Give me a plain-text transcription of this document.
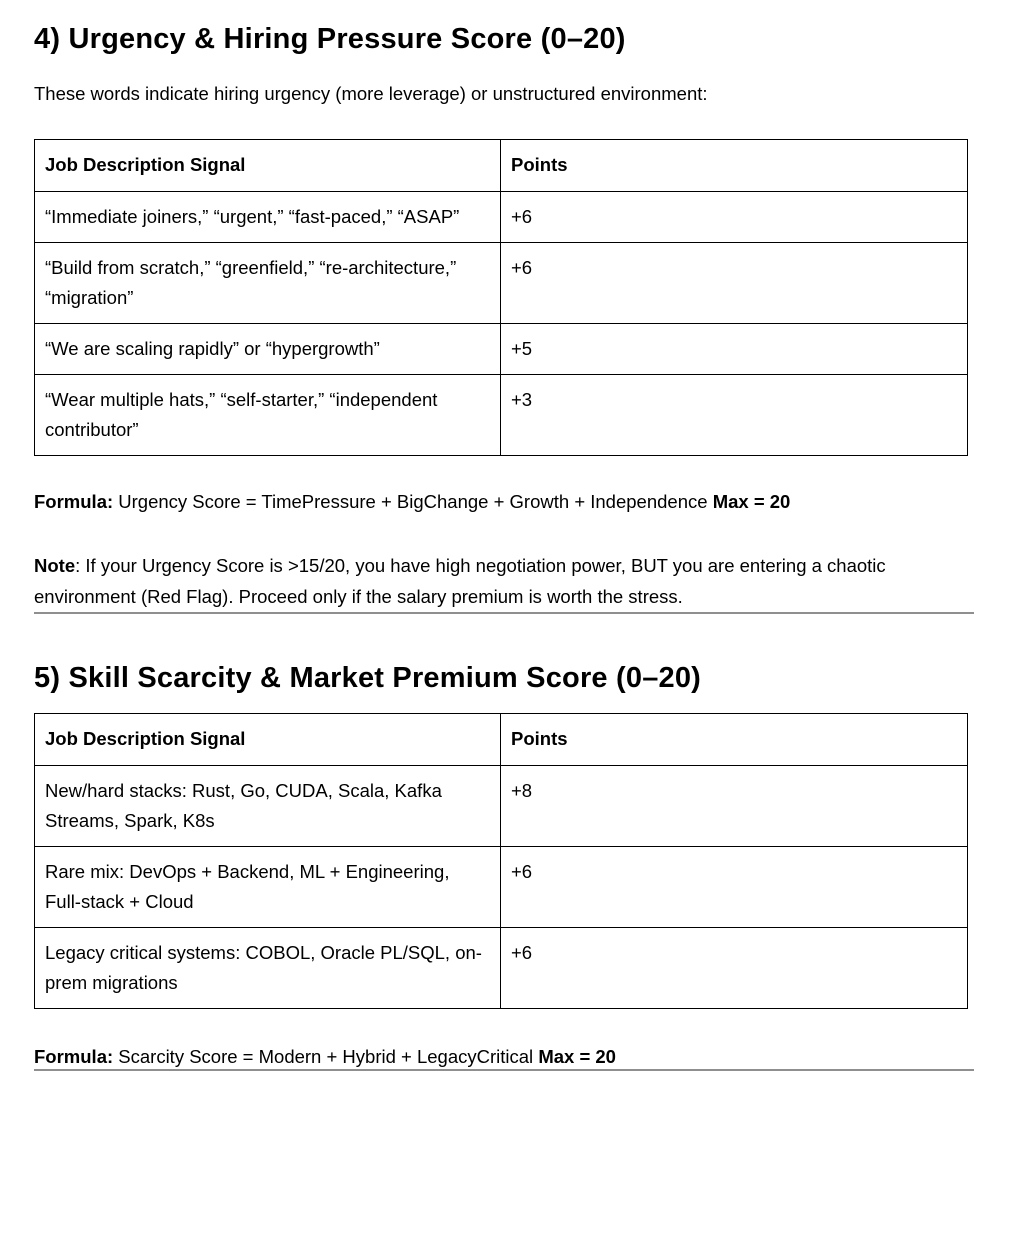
4) Urgency & Hiring Pressure Score (0–20)

These words indicate hiring urgency (more leverage) or unstructured environment:

Job Description Signal	Points
“Immediate joiners,” “urgent,” “fast-paced,” “ASAP”	+6
“Build from scratch,” “greenfield,” “re-architecture,” “migration”	+6
“We are scaling rapidly” or “hypergrowth”	+5
“Wear multiple hats,” “self-starter,” “independent contributor”	+3

Formula: Urgency Score = TimePressure + BigChange + Growth + Independence Max = 20

Note: If your Urgency Score is >15/20, you have high negotiation power, BUT you are entering a chaotic environment (Red Flag). Proceed only if the salary premium is worth the stress.

5) Skill Scarcity & Market Premium Score (0–20)
Job Description Signal	Points
New/hard stacks: Rust, Go, CUDA, Scala, Kafka Streams, Spark, K8s	+8
Rare mix: DevOps + Backend, ML + Engineering, Full-stack + Cloud	+6
Legacy critical systems: COBOL, Oracle PL/SQL, on-prem migrations	+6

Formula: Scarcity Score = Modern + Hybrid + LegacyCritical Max = 20
